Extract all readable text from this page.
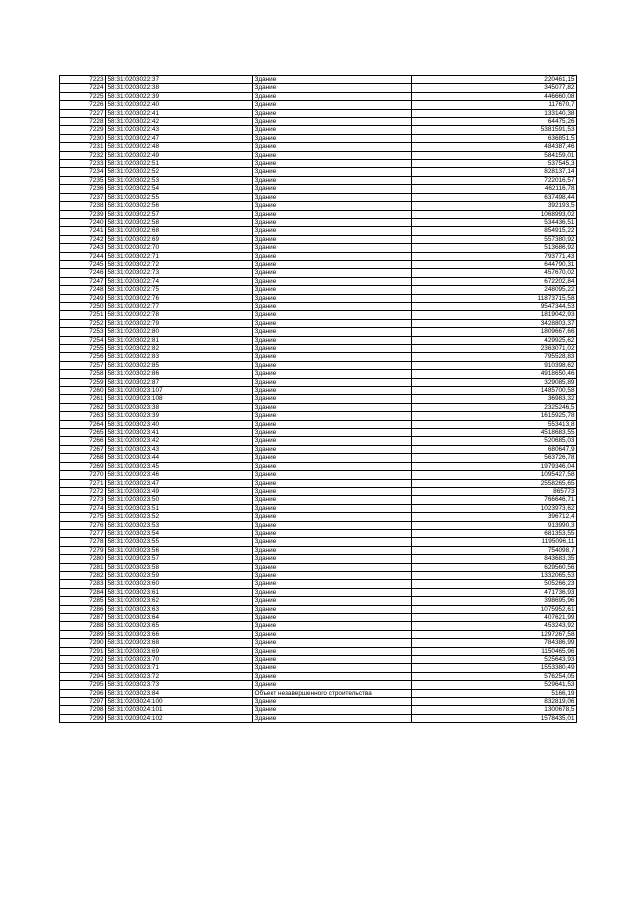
7223	58:31:0203022:37	Здание	220461,15
7224	58:31:0203022:38	Здание	345077,82
7225	58:31:0203022:39	Здание	446660,08
7226	58:31:0203022:40	Здание	117670,7
7227	58:31:0203022:41	Здание	133140,38
7228	58:31:0203022:42	Здание	64475,26
7229	58:31:0203022:43	Здание	5381591,53
7230	58:31:0203022:47	Здание	636851,5
7231	58:31:0203022:48	Здание	484387,46
7232	58:31:0203022:49	Здание	584159,01
7233	58:31:0203022:51	Здание	537545,3
7234	58:31:0203022:52	Здание	828137,14
7235	58:31:0203022:53	Здание	722016,57
7236	58:31:0203022:54	Здание	462116,78
7237	58:31:0203022:55	Здание	637498,44
7238	58:31:0203022:56	Здание	392193,5
7239	58:31:0203022:57	Здание	1068993,02
7240	58:31:0203022:58	Здание	534436,51
7241	58:31:0203022:68	Здание	854915,22
7242	58:31:0203022:69	Здание	557380,92
7243	58:31:0203022:70	Здание	513686,92
7244	58:31:0203022:71	Здание	793771,43
7245	58:31:0203022:72	Здание	644790,31
7246	58:31:0203022:73	Здание	457670,02
7247	58:31:0203022:74	Здание	672202,84
7248	58:31:0203022:75	Здание	248095,22
7249	58:31:0203022:76	Здание	11873715,58
7250	58:31:0203022:77	Здание	9547344,53
7251	58:31:0203022:78	Здание	1819042,93
7252	58:31:0203022:79	Здание	3428803,37
7253	58:31:0203022:80	Здание	1809667,66
7254	58:31:0203022:81	Здание	429925,62
7255	58:31:0203022:82	Здание	2363071,02
7256	58:31:0203022:83	Здание	795528,83
7257	58:31:0203022:85	Здание	910398,62
7258	58:31:0203022:86	Здание	4918650,46
7259	58:31:0203022:87	Здание	329085,89
7260	58:31:0203023:107	Здание	1485700,58
7261	58:31:0203023:108	Здание	36983,32
7262	58:31:0203023:38	Здание	2325246,5
7263	58:31:0203023:39	Здание	1615925,78
7264	58:31:0203023:40	Здание	553413,8
7265	58:31:0203023:41	Здание	4518683,55
7266	58:31:0203023:42	Здание	520685,03
7267	58:31:0203023:43	Здание	680647,9
7268	58:31:0203023:44	Здание	563726,78
7269	58:31:0203023:45	Здание	1979346,04
7270	58:31:0203023:46	Здание	1095427,58
7271	58:31:0203023:47	Здание	2558265,65
7272	58:31:0203023:49	Здание	865773
7273	58:31:0203023:50	Здание	766646,71
7274	58:31:0203023:51	Здание	1023973,62
7275	58:31:0203023:52	Здание	396712,4
7276	58:31:0203023:53	Здание	913990,3
7277	58:31:0203023:54	Здание	681353,55
7278	58:31:0203023:55	Здание	1195096,11
7279	58:31:0203023:56	Здание	754098,7
7280	58:31:0203023:57	Здание	843683,35
7281	58:31:0203023:58	Здание	629560,56
7282	58:31:0203023:59	Здание	1332065,53
7283	58:31:0203023:60	Здание	505266,23
7284	58:31:0203023:61	Здание	471736,93
7285	58:31:0203023:62	Здание	398695,96
7286	58:31:0203023:63	Здание	1075952,61
7287	58:31:0203023:64	Здание	407621,99
7288	58:31:0203023:65	Здание	453243,92
7289	58:31:0203023:66	Здание	1297267,58
7290	58:31:0203023:68	Здание	784386,99
7291	58:31:0203023:69	Здание	1150465,96
7292	58:31:0203023:70	Здание	525643,93
7293	58:31:0203023:71	Здание	1553380,49
7294	58:31:0203023:72	Здание	576254,05
7295	58:31:0203023:73	Здание	529641,53
7296	58:31:0203023:84	Объект незавершенного строительства	5166,19
7297	58:31:0203024:100	Здание	832819,06
7298	58:31:0203024:101	Здание	1300678,5
7299	58:31:0203024:102	Здание	1578435,01
